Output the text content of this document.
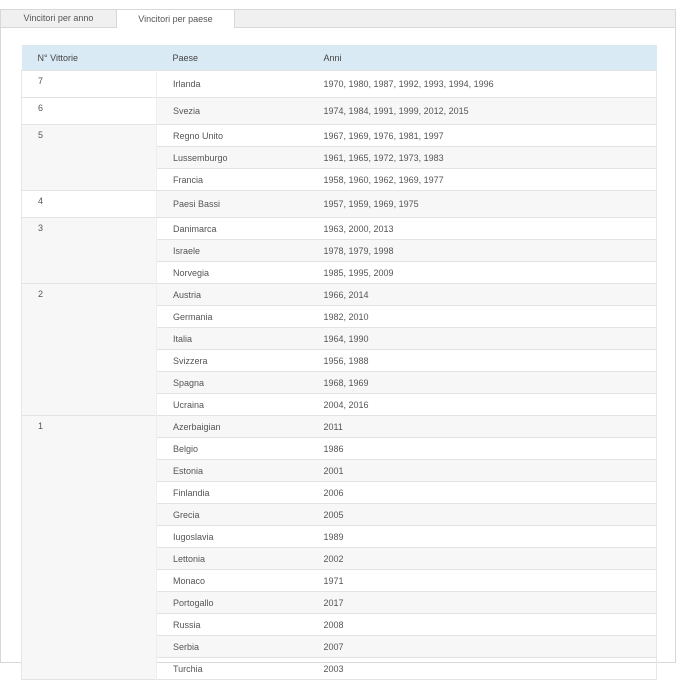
Vincitori per anno	Vincitori per paese
N° Vittorie	Paese	Anni
7	Irlanda	1970, 1980, 1987, 1992, 1993, 1994, 1996
6	Svezia	1974, 1984, 1991, 1999, 2012, 2015
5	Regno Unito	1967, 1969, 1976, 1981, 1997
	Lussemburgo	1961, 1965, 1972, 1973, 1983
	Francia	1958, 1960, 1962, 1969, 1977
4	Paesi Bassi	1957, 1959, 1969, 1975
3	Danimarca	1963, 2000, 2013
	Israele	1978, 1979, 1998
	Norvegia	1985, 1995, 2009
2	Austria	1966, 2014
	Germania	1982, 2010
	Italia	1964, 1990
	Svizzera	1956, 1988
	Spagna	1968, 1969
	Ucraina	2004, 2016
1	Azerbaigian	2011
	Belgio	1986
	Estonia	2001
	Finlandia	2006
	Grecia	2005
	Iugoslavia	1989
	Lettonia	2002
	Monaco	1971
	Portogallo	2017
	Russia	2008
	Serbia	2007
	Turchia	2003
